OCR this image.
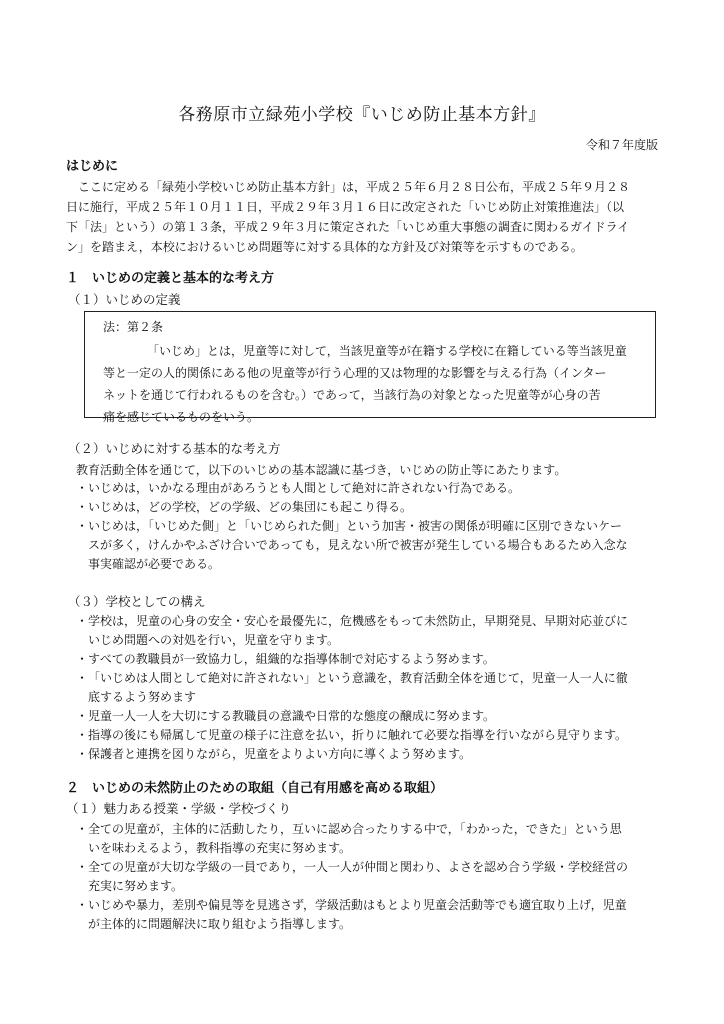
各務原市立緑苑小学校『いじめ防止基本方針』
令和７年度版
はじめに

ここに定める「緑苑小学校いじめ防止基本方針」は，平成２５年６月２８日公布，平成２５年９月２８
日に施行，平成２５年１０月１１日，平成２９年３月１６日に改定された「いじめ防止対策推進法」（以
下「法」という）の第１３条，平成２９年３月に策定された「いじめ重大事態の調査に関わるガイドライ
ン」を踏まえ，本校におけるいじめ問題等に対する具体的な方針及び対策等を示すものである。

１ いじめの定義と基本的な考え方
（１）いじめの定義
法：第２条
「いじめ」とは，児童等に対して，当該児童等が在籍する学校に在籍している等当該児童
等と一定の人的関係にある他の児童等が行う心理的又は物理的な影響を与える行為（インター
ネットを通じて行われるものを含む。）であって，当該行為の対象となった児童等が心身の苦
痛を感じているものをいう。
（２）いじめに対する基本的な考え方
教育活動全体を通じて，以下のいじめの基本認識に基づき，いじめの防止等にあたります。
・ いじめは，いかなる理由があろうとも人間として絶対に許されない行為である。
・ いじめは，どの学校，どの学級、どの集団にも起こり得る。
・ いじめは，「いじめた側」と「いじめられた側」という加害・被害の関係が明確に区別できないケー
スが多く，けんかやふざけ合いであっても，見えない所で被害が発生している場合もあるため入念な
事実確認が必要である。
（３）学校としての構え
・ 学校は，児童の心身の安全・安心を最優先に，危機感をもって未然防止，早期発見、早期対応並びに
いじめ問題への対処を行い，児童を守ります。
・ すべての教職員が一致協力し，組織的な指導体制で対応するよう努めます。
・ 「いじめは人間として絶対に許されない」という意識を，教育活動全体を通じて，児童一人一人に徹
底するよう努めます
・ 児童一人一人を大切にする教職員の意識や日常的な態度の醸成に努めます。
・ 指導の後にも帰属して児童の様子に注意を払い，折りに触れて必要な指導を行いながら見守ります。
・ 保護者と連携を図りながら，児童をよりよい方向に導くよう努めます。
２ いじめの未然防止のための取組（自己有用感を高める取組）
（１）魅力ある授業・学級・学校づくり
・ 全ての児童が，主体的に活動したり，互いに認め合ったりする中で，「わかった，できた」という思
いを味わえるよう，教科指導の充実に努めます。
・ 全ての児童が大切な学級の一員であり，一人一人が仲間と関わり、よさを認め合う学級・学校経営の
充実に努めます。
・ いじめや暴力，差別や偏見等を見逃さず，学級活動はもとより児童会活動等でも適宜取り上げ，児童
が主体的に問題解決に取り組むよう指導します。
